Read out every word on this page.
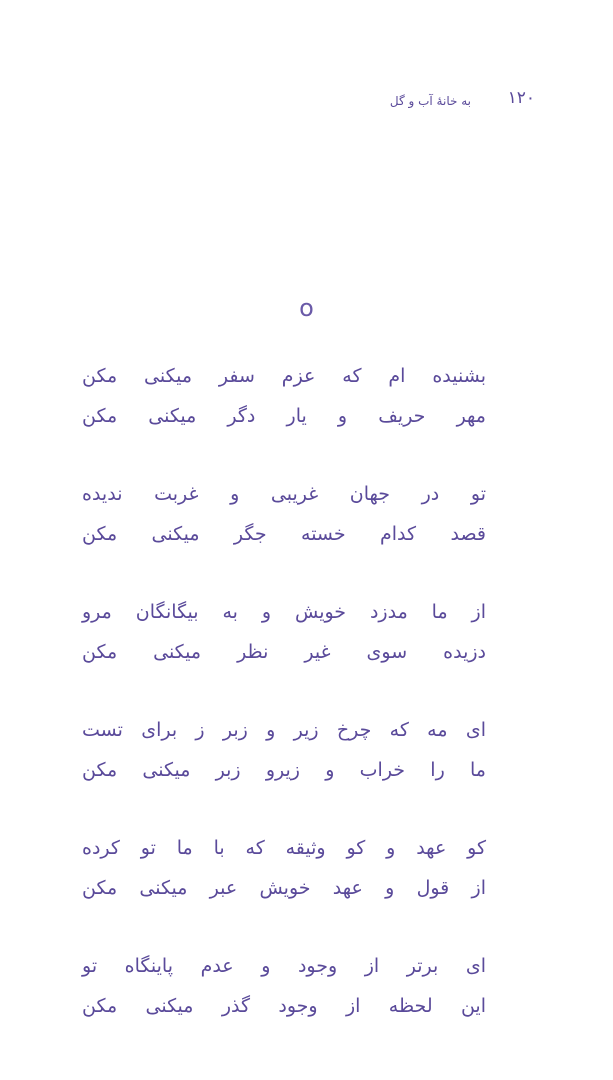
۱۲۰
به خانهٔ آب و گل
o
بشنیده ام که عزم سفر میکنی مکن
مهر حریف و یار دگر میکنی مکن
تو در جهان غریبی و غربت ندیده
قصد کدام خسته جگر میکنی مکن
از ما مدزد خویش و به بیگانگان مرو
دزیده سوی غیر نظر میکنی مکن
ای مه که چرخ زیر و زبر ز برای تست
ما را خراب و زیرو زبر میکنی مکن
کو عهد و کو وثیقه که با ما تو کرده
از قول و عهد خویش عبر میکنی مکن
ای برتر از وجود و عدم پاینگاه تو
این لحظه از وجود گذر میکنی مکن
